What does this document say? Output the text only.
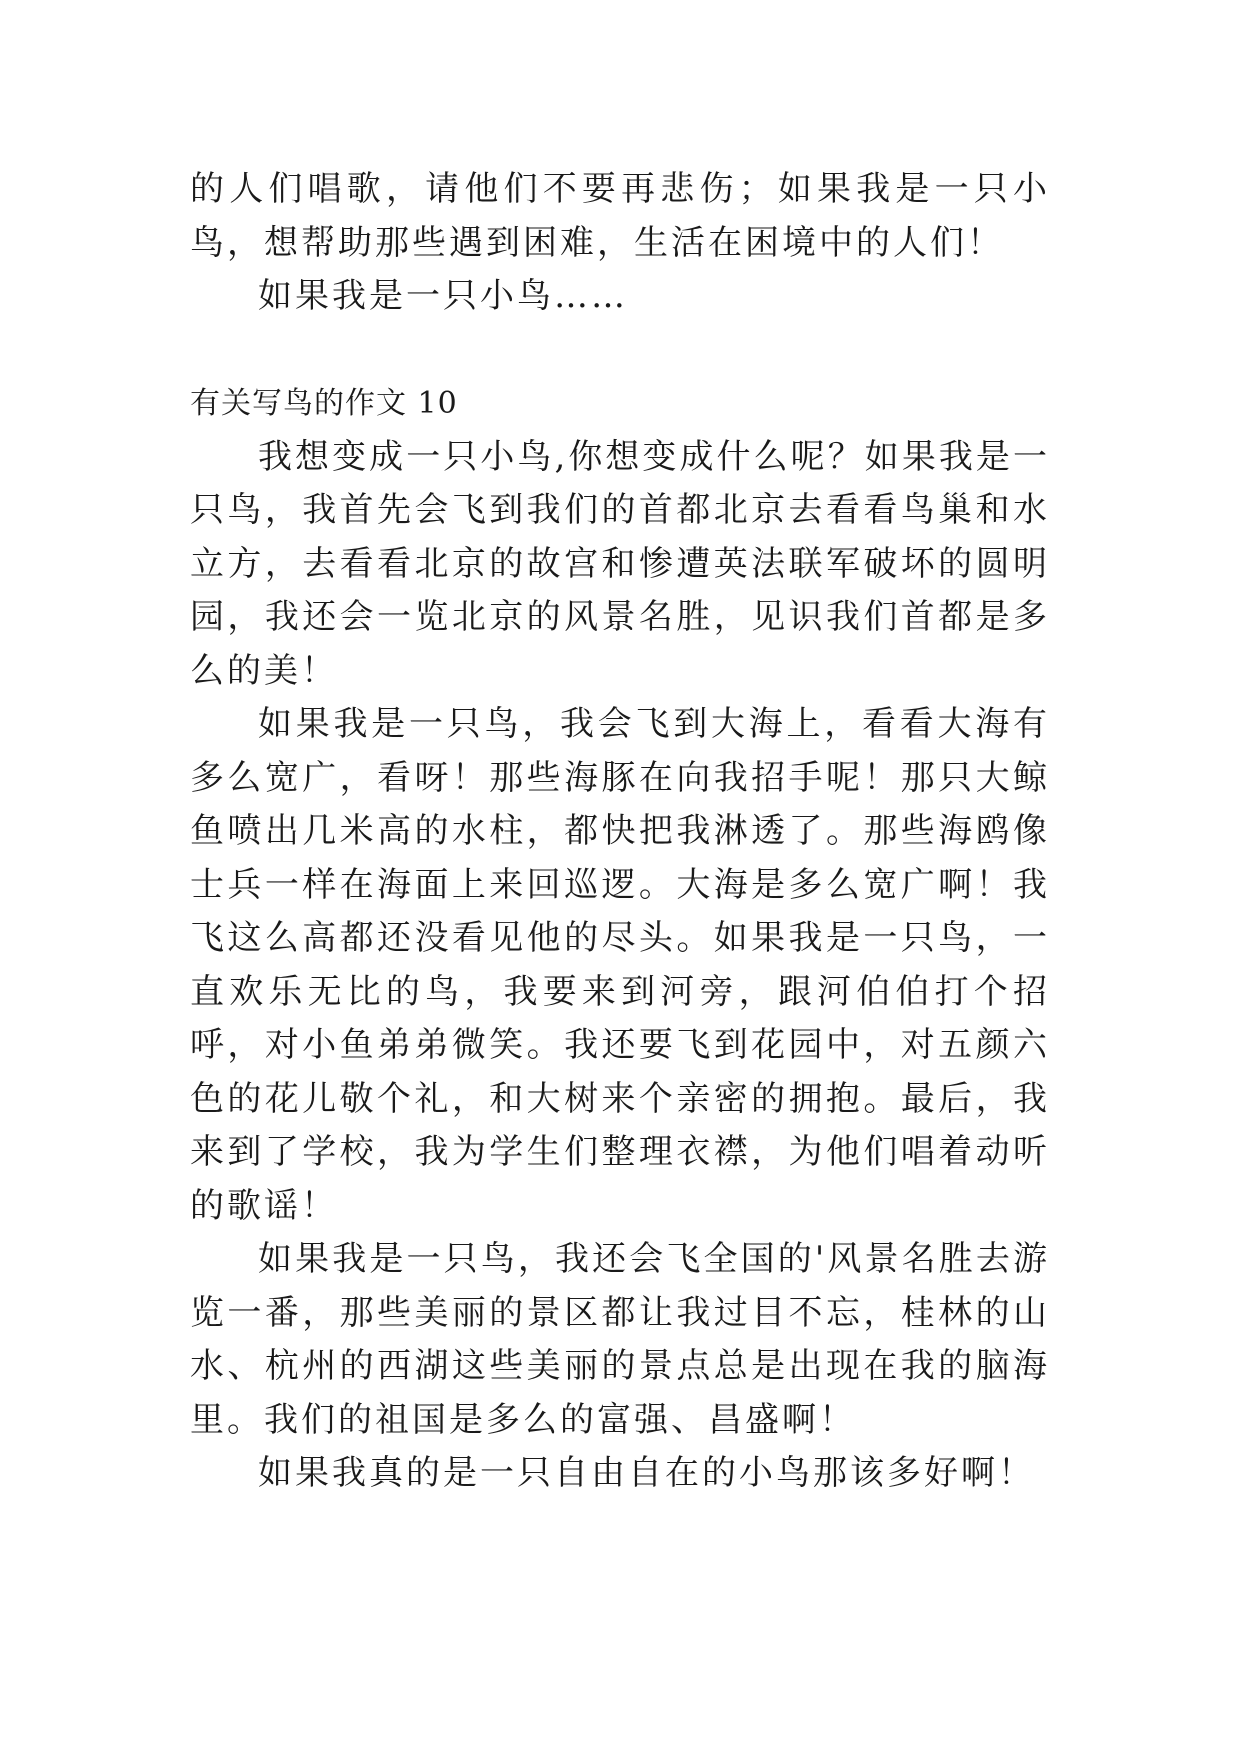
的人们唱歌，请他们不要再悲伤；如果我是一只小鸟，想帮助那些遇到困难，生活在困境中的人们！

如果我是一只小鸟……

有关写鸟的作文 10

我想变成一只小鸟,你想变成什么呢？如果我是一只鸟，我首先会飞到我们的首都北京去看看鸟巢和水立方，去看看北京的故宫和惨遭英法联军破坏的圆明园，我还会一览北京的风景名胜，见识我们首都是多么的美！

如果我是一只鸟，我会飞到大海上，看看大海有多么宽广，看呀！那些海豚在向我招手呢！那只大鲸鱼喷出几米高的水柱，都快把我淋透了。那些海鸥像士兵一样在海面上来回巡逻。大海是多么宽广啊！我飞这么高都还没看见他的尽头。如果我是一只鸟，一直欢乐无比的鸟，我要来到河旁，跟河伯伯打个招呼，对小鱼弟弟微笑。我还要飞到花园中，对五颜六色的花儿敬个礼，和大树来个亲密的拥抱。最后，我来到了学校，我为学生们整理衣襟，为他们唱着动听的歌谣！

如果我是一只鸟，我还会飞全国的'风景名胜去游览一番，那些美丽的景区都让我过目不忘，桂林的山水、杭州的西湖这些美丽的景点总是出现在我的脑海里。我们的祖国是多么的富强、昌盛啊！

如果我真的是一只自由自在的小鸟那该多好啊！
